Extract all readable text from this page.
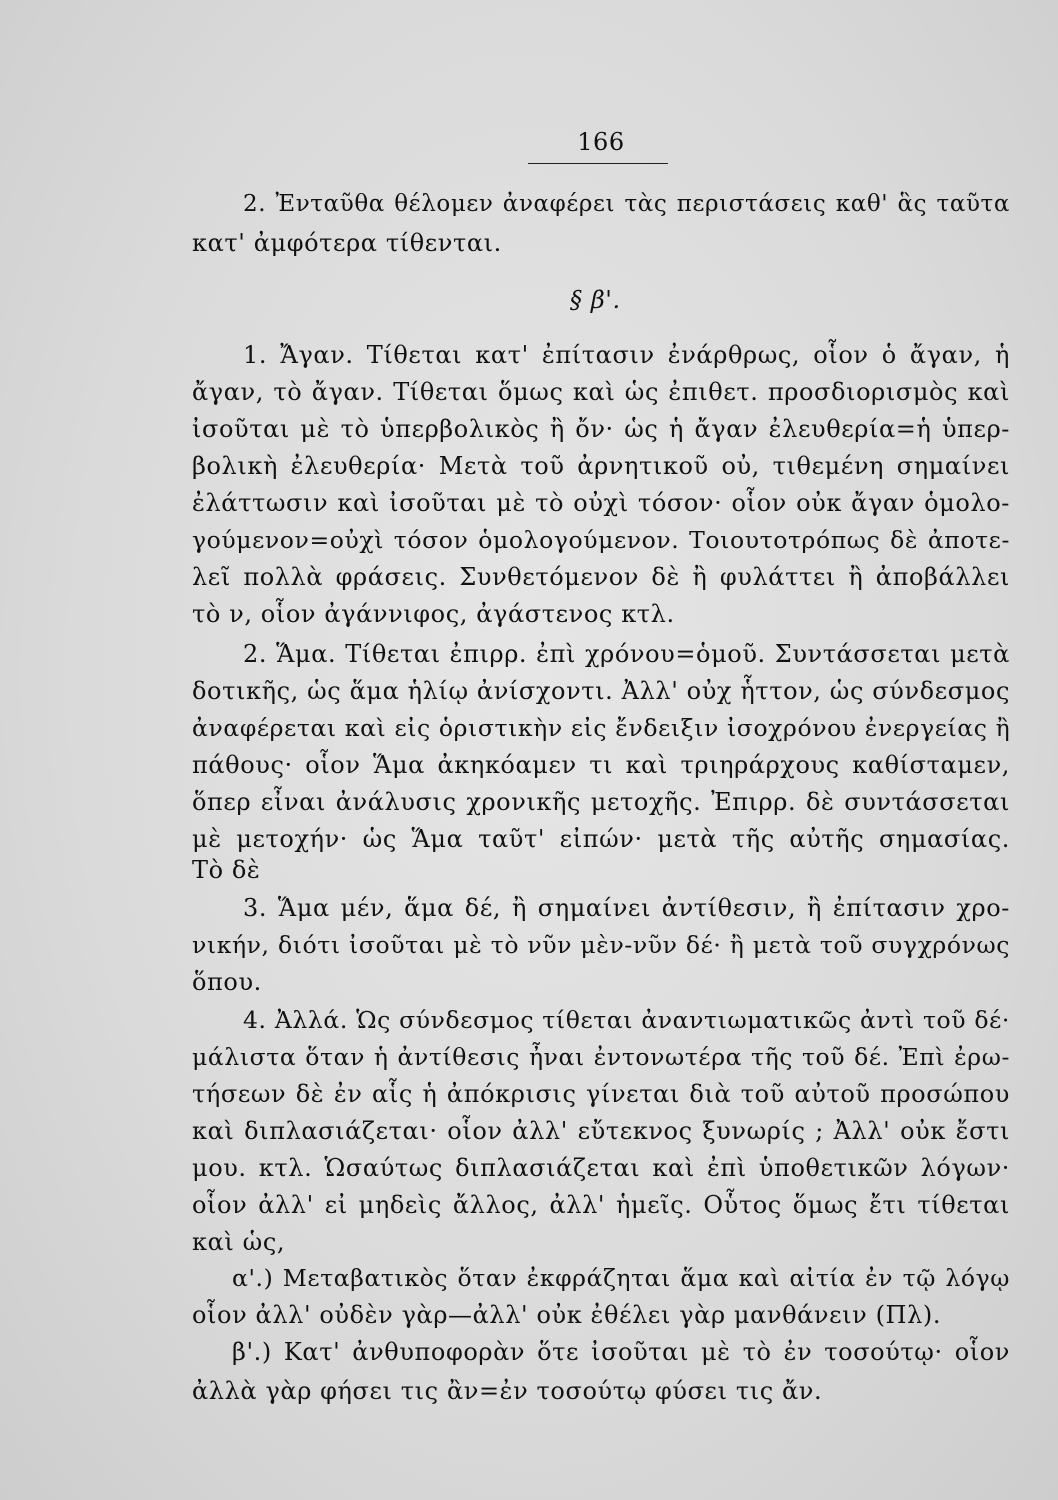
166
§ β'.
2. Ἐνταῦθα θέλομεν ἀναφέρει τὰς περιστάσεις καθ' ἃς ταῦτα
κατ' ἀμφότερα τίθενται.
1. Ἄγαν. Τίθεται κατ' ἐπίτασιν ἐνάρθρως, οἷον ὁ ἄγαν, ἡ
ἄγαν, τὸ ἄγαν. Τίθεται ὅμως καὶ ὡς ἐπιθετ. προσδιορισμὸς καὶ
ἰσοῦται μὲ τὸ ὑπερβολικὸς ἢ ὄν· ὡς ἡ ἄγαν ἐλευθερία=ἡ ὑπερ-
βολικὴ ἐλευθερία· Μετὰ τοῦ ἀρνητικοῦ οὐ, τιθεμένη σημαίνει
ἐλάττωσιν καὶ ἰσοῦται μὲ τὸ οὐχὶ τόσον· οἷον οὐκ ἄγαν ὁμολο-
γούμενον=οὐχὶ τόσον ὁμολογούμενον. Τοιουτοτρόπως δὲ ἀποτε-
λεῖ πολλὰ φράσεις. Συνθετόμενον δὲ ἢ φυλάττει ἢ ἀποβάλλει
τὸ ν, οἷον ἀγάννιφος, ἀγάστενος κτλ.
2. Ἅμα. Τίθεται ἐπιρρ. ἐπὶ χρόνου=ὁμοῦ. Συντάσσεται μετὰ
δοτικῆς, ὡς ἅμα ἡλίῳ ἀνίσχοντι. Ἀλλ' οὐχ ἧττον, ὡς σύνδεσμος
ἀναφέρεται καὶ εἰς ὁριστικὴν εἰς ἔνδειξιν ἰσοχρόνου ἐνεργείας ἢ
πάθους· οἷον Ἅμα ἀκηκόαμεν τι καὶ τριηράρχους καθίσταμεν,
ὅπερ εἶναι ἀνάλυσις χρονικῆς μετοχῆς. Ἐπιρρ. δὲ συντάσσεται
μὲ μετοχήν· ὡς Ἅμα ταῦτ' εἰπών· μετὰ τῆς αὐτῆς σημασίας.
Τὸ δὲ
3. Ἅμα μέν, ἅμα δέ, ἢ σημαίνει ἀντίθεσιν, ἢ ἐπίτασιν χρο-
νικήν, διότι ἰσοῦται μὲ τὸ νῦν μὲν-νῦν δέ· ἢ μετὰ τοῦ συγχρόνως
ὅπου.
4. Ἀλλά. Ὡς σύνδεσμος τίθεται ἀναντιωματικῶς ἀντὶ τοῦ δέ·
μάλιστα ὅταν ἡ ἀντίθεσις ἦναι ἐντονωτέρα τῆς τοῦ δέ. Ἐπὶ ἐρω-
τήσεων δὲ ἐν αἷς ἡ ἀπόκρισις γίνεται διὰ τοῦ αὐτοῦ προσώπου
καὶ διπλασιάζεται· οἷον ἀλλ' εὔτεκνος ξυνωρίς ; Ἀλλ' οὐκ ἔστι
μου. κτλ. Ὡσαύτως διπλασιάζεται καὶ ἐπὶ ὑποθετικῶν λόγων·
οἷον ἀλλ' εἰ μηδεὶς ἄλλος, ἀλλ' ἡμεῖς. Οὗτος ὅμως ἔτι τίθεται
καὶ ὡς,
α'.) Μεταβατικὸς ὅταν ἐκφράζηται ἅμα καὶ αἰτία ἐν τῷ λόγῳ
οἷον ἀλλ' οὐδὲν γὰρ—ἀλλ' οὐκ ἐθέλει γὰρ μανθάνειν (Πλ).
β'.) Κατ' ἀνθυποφορὰν ὅτε ἰσοῦται μὲ τὸ ἐν τοσούτῳ· οἷον
ἀλλὰ γὰρ φήσει τις ἂν=ἐν τοσούτῳ φύσει τις ἄν.
